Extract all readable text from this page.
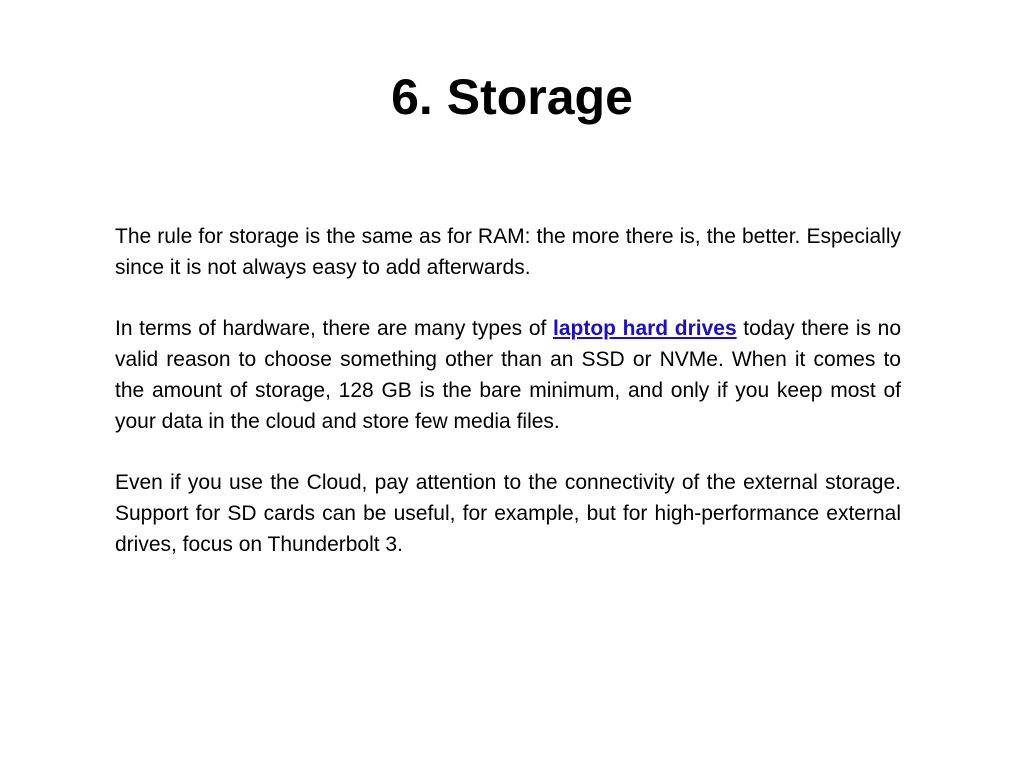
6. Storage

The rule for storage is the same as for RAM: the more there is, the better. Especially since it is not always easy to add afterwards.

In terms of hardware, there are many types of laptop hard drives today there is no valid reason to choose something other than an SSD or NVMe. When it comes to the amount of storage, 128 GB is the bare minimum, and only if you keep most of your data in the cloud and store few media files.

Even if you use the Cloud, pay attention to the connectivity of the external storage. Support for SD cards can be useful, for example, but for high-performance external drives, focus on Thunderbolt 3.
